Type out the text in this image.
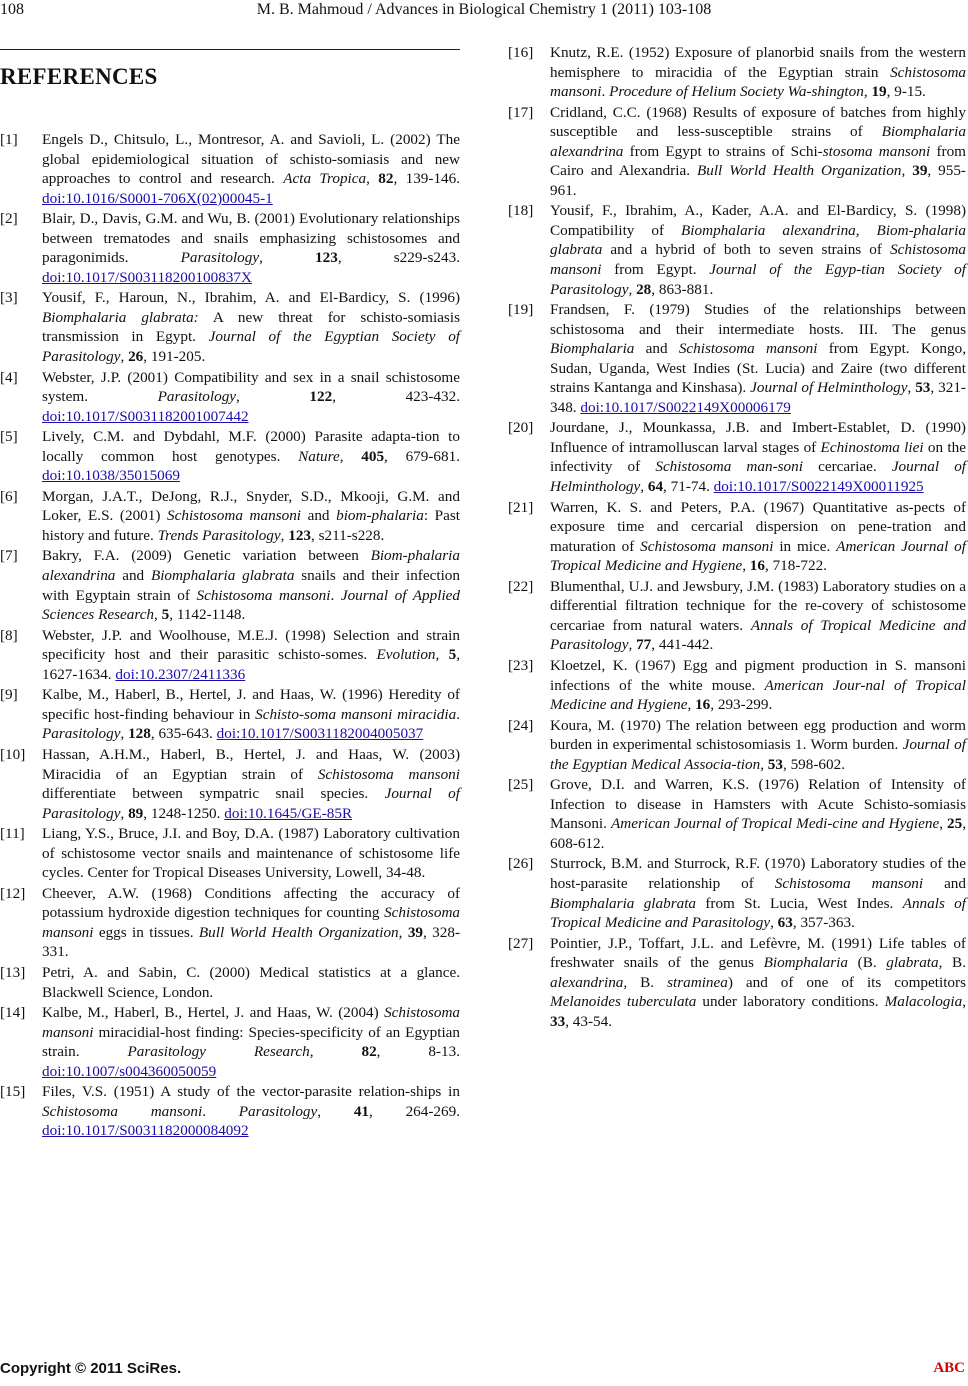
108	M. B. Mahmoud / Advances in Biological Chemistry 1 (2011) 103-108
REFERENCES
[1] Engels D., Chitsulo, L., Montresor, A. and Savioli, L. (2002) The global epidemiological situation of schisto-somiasis and new approaches to control and research. Acta Tropica, 82, 139-146. doi:10.1016/S0001-706X(02)00045-1
[2] Blair, D., Davis, G.M. and Wu, B. (2001) Evolutionary relationships between trematodes and snails emphasizing schistosomes and paragonimids. Parasitology, 123, s229-s243. doi:10.1017/S003118200100837X
[3] Yousif, F., Haroun, N., Ibrahim, A. and El-Bardicy, S. (1996) Biomphalaria glabrata: A new threat for schisto-somiasis transmission in Egypt. Journal of the Egyptian Society of Parasitology, 26, 191-205.
[4] Webster, J.P. (2001) Compatibility and sex in a snail schistosome system. Parasitology, 122, 423-432. doi:10.1017/S0031182001007442
[5] Lively, C.M. and Dybdahl, M.F. (2000) Parasite adapta-tion to locally common host genotypes. Nature, 405, 679-681. doi:10.1038/35015069
[6] Morgan, J.A.T., DeJong, R.J., Snyder, S.D., Mkooji, G.M. and Loker, E.S. (2001) Schistosoma mansoni and biom-phalaria: Past history and future. Trends Parasitology, 123, s211-s228.
[7] Bakry, F.A. (2009) Genetic variation between Biom-phalaria alexandrina and Biomphalaria glabrata snails and their infection with Egyptain strain of Schistosoma mansoni. Journal of Applied Sciences Research, 5, 1142-1148.
[8] Webster, J.P. and Woolhouse, M.E.J. (1998) Selection and strain specificity host and their parasitic schisto-somes. Evolution, 5, 1627-1634. doi:10.2307/2411336
[9] Kalbe, M., Haberl, B., Hertel, J. and Haas, W. (1996) Heredity of specific host-finding behaviour in Schisto-soma mansoni miracidia. Parasitology, 128, 635-643. doi:10.1017/S0031182004005037
[10] Hassan, A.H.M., Haberl, B., Hertel, J. and Haas, W. (2003) Miracidia of an Egyptian strain of Schistosoma mansoni differentiate between sympatric snail species. Journal of Parasitology, 89, 1248-1250. doi:10.1645/GE-85R
[11] Liang, Y.S., Bruce, J.I. and Boy, D.A. (1987) Laboratory cultivation of schistosome vector snails and maintenance of schistosome life cycles. Center for Tropical Diseases University, Lowell, 34-48.
[12] Cheever, A.W. (1968) Conditions affecting the accuracy of potassium hydroxide digestion techniques for counting Schistosoma mansoni eggs in tissues. Bull World Health Organization, 39, 328-331.
[13] Petri, A. and Sabin, C. (2000) Medical statistics at a glance. Blackwell Science, London.
[14] Kalbe, M., Haberl, B., Hertel, J. and Haas, W. (2004) Schistosoma mansoni miracidial-host finding: Species-specificity of an Egyptian strain. Parasitology Research, 82, 8-13. doi:10.1007/s004360050059
[15] Files, V.S. (1951) A study of the vector-parasite relation-ships in Schistosoma mansoni. Parasitology, 41, 264-269. doi:10.1017/S0031182000084092
[16] Knutz, R.E. (1952) Exposure of planorbid snails from the western hemisphere to miracidia of the Egyptian strain Schistosoma mansoni. Procedure of Helium Society Wa-shington, 19, 9-15.
[17] Cridland, C.C. (1968) Results of exposure of batches from highly susceptible and less-susceptible strains of Biomphalaria alexandrina from Egypt to strains of Schi-stosoma mansoni from Cairo and Alexandria. Bull World Health Organization, 39, 955-961.
[18] Yousif, F., Ibrahim, A., Kader, A.A. and El-Bardicy, S. (1998) Compatibility of Biomphalaria alexandrina, Biom-phalaria glabrata and a hybrid of both to seven strains of Schistosoma mansoni from Egypt. Journal of the Egyp-tian Society of Parasitology, 28, 863-881.
[19] Frandsen, F. (1979) Studies of the relationships between schistosoma and their intermediate hosts. III. The genus Biomphalaria and Schistosoma mansoni from Egypt. Kongo, Sudan, Uganda, West Indies (St. Lucia) and Zaire (two different strains Kantanga and Kinshasa). Journal of Helminthology, 53, 321-348. doi:10.1017/S0022149X00006179
[20] Jourdane, J., Mounkassa, J.B. and Imbert-Establet, D. (1990) Influence of intramolluscan larval stages of Echinostoma liei on the infectivity of Schistosoma man-soni cercariae. Journal of Helminthology, 64, 71-74. doi:10.1017/S0022149X00011925
[21] Warren, K. S. and Peters, P.A. (1967) Quantitative as-pects of exposure time and cercarial dispersion on pene-tration and maturation of Schistosoma mansoni in mice. American Journal of Tropical Medicine and Hygiene, 16, 718-722.
[22] Blumenthal, U.J. and Jewsbury, J.M. (1983) Laboratory studies on a differential filtration technique for the re-covery of schistosome cercariae from natural waters. Annals of Tropical Medicine and Parasitology, 77, 441-442.
[23] Kloetzel, K. (1967) Egg and pigment production in S. mansoni infections of the white mouse. American Jour-nal of Tropical Medicine and Hygiene, 16, 293-299.
[24] Koura, M. (1970) The relation between egg production and worm burden in experimental schistosomiasis 1. Worm burden. Journal of the Egyptian Medical Associa-tion, 53, 598-602.
[25] Grove, D.I. and Warren, K.S. (1976) Relation of Intensity of Infection to disease in Hamsters with Acute Schisto-somiasis Mansoni. American Journal of Tropical Medi-cine and Hygiene, 25, 608-612.
[26] Sturrock, B.M. and Sturrock, R.F. (1970) Laboratory studies of the host-parasite relationship of Schistosoma mansoni and Biomphalaria glabrata from St. Lucia, West Indes. Annals of Tropical Medicine and Parasitology, 63, 357-363.
[27] Pointier, J.P., Toffart, J.L. and Lefèvre, M. (1991) Life tables of freshwater snails of the genus Biomphalaria (B. glabrata, B. alexandrina, B. straminea) and of one of its competitors Melanoides tuberculata under laboratory conditions. Malacologia, 33, 43-54.
Copyright © 2011 SciRes.	ABC
